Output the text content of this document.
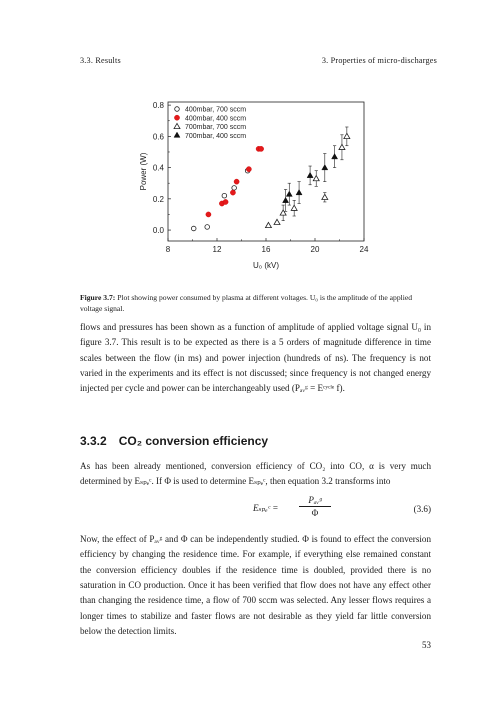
3.3. Results	3. Properties of micro-discharges
8	12	16	20	24
0.0
0.2
0.4
0.6
0.8
U₀ (kV)
Power (W)
400mbar, 700 sccm
400mbar, 400 sccm
700mbar, 700 sccm
700mbar, 400 sccm
Figure 3.7: Plot showing power consumed by plasma at different voltages. U₀ is the amplitude of the applied voltage signal.

flows and pressures has been shown as a function of amplitude of applied voltage signal U₀ in figure 3.7. This result is to be expected as there is a 5 orders of magnitude difference in time scales between the flow (in ms) and power injection (hundreds of ns). The frequency is not varied in the experiments and its effect is not discussed; since frequency is not changed energy injected per cycle and power can be interchangeably used (Pₐᵥᵍ = Eᶜʸᶜˡᵉ f).

3.3.2 CO₂ conversion efficiency

As has been already mentioned, conversion efficiency of CO₂ into CO, α is very much determined by Eₛₚₑᶜ. If Φ is used to determine Eₛₚₑᶜ, then equation 3.2 transforms into

Eₛₚₑᶜ =
Pₐᵥᵍ
Φ	(3.6)

Now, the effect of Pₐᵥᵍ and Φ can be independently studied. Φ is found to effect the conversion efficiency by changing the residence time. For example, if everything else remained constant the conversion efficiency doubles if the residence time is doubled, provided there is no saturation in CO production. Once it has been verified that flow does not have any effect other than changing the residence time, a flow of 700 sccm was selected. Any lesser flows requires a longer times to stabilize and faster flows are not desirable as they yield far little conversion below the detection limits.

53
